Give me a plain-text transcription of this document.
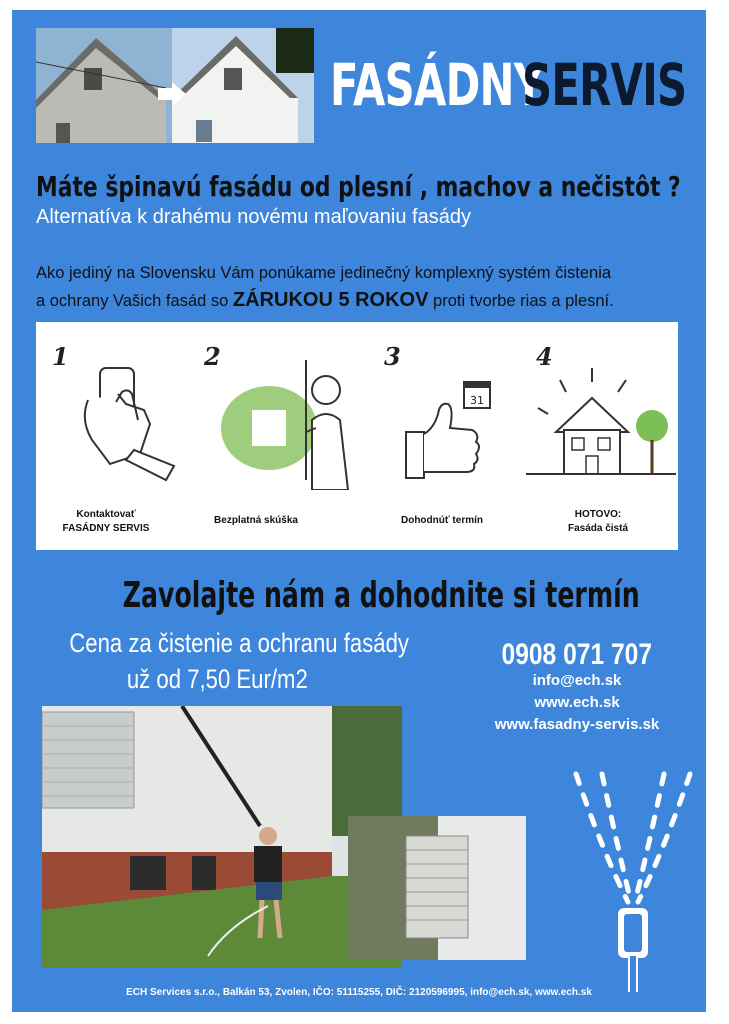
FASÁDNY
SERVIS
Máte špinavú fasádu od plesní , machov a nečistôt ?
Alternatíva k drahému novému maľovaniu fasády
Ako jediný na Slovensku Vám ponúkame jedinečný komplexný systém čistenia
a ochrany Vašich fasád so ZÁRUKOU 5 ROKOV proti tvorbe rias a plesní.
1	2	3	4
31
Kontaktovať
FASÁDNY SERVIS
Bezplatná skúška	Dohodnúť termín
HOTOVO:
Fasáda čistá
Zavolajte nám a dohodnite si termín
Cena za čistenie a ochranu fasády
už od 7,50 Eur/m2
0908 071 707
info@ech.sk
www.ech.sk
www.fasadny-servis.sk
ECH Services s.r.o., Balkán 53, Zvolen, IČO: 51115255, DIČ: 2120596995, info@ech.sk, www.ech.sk
